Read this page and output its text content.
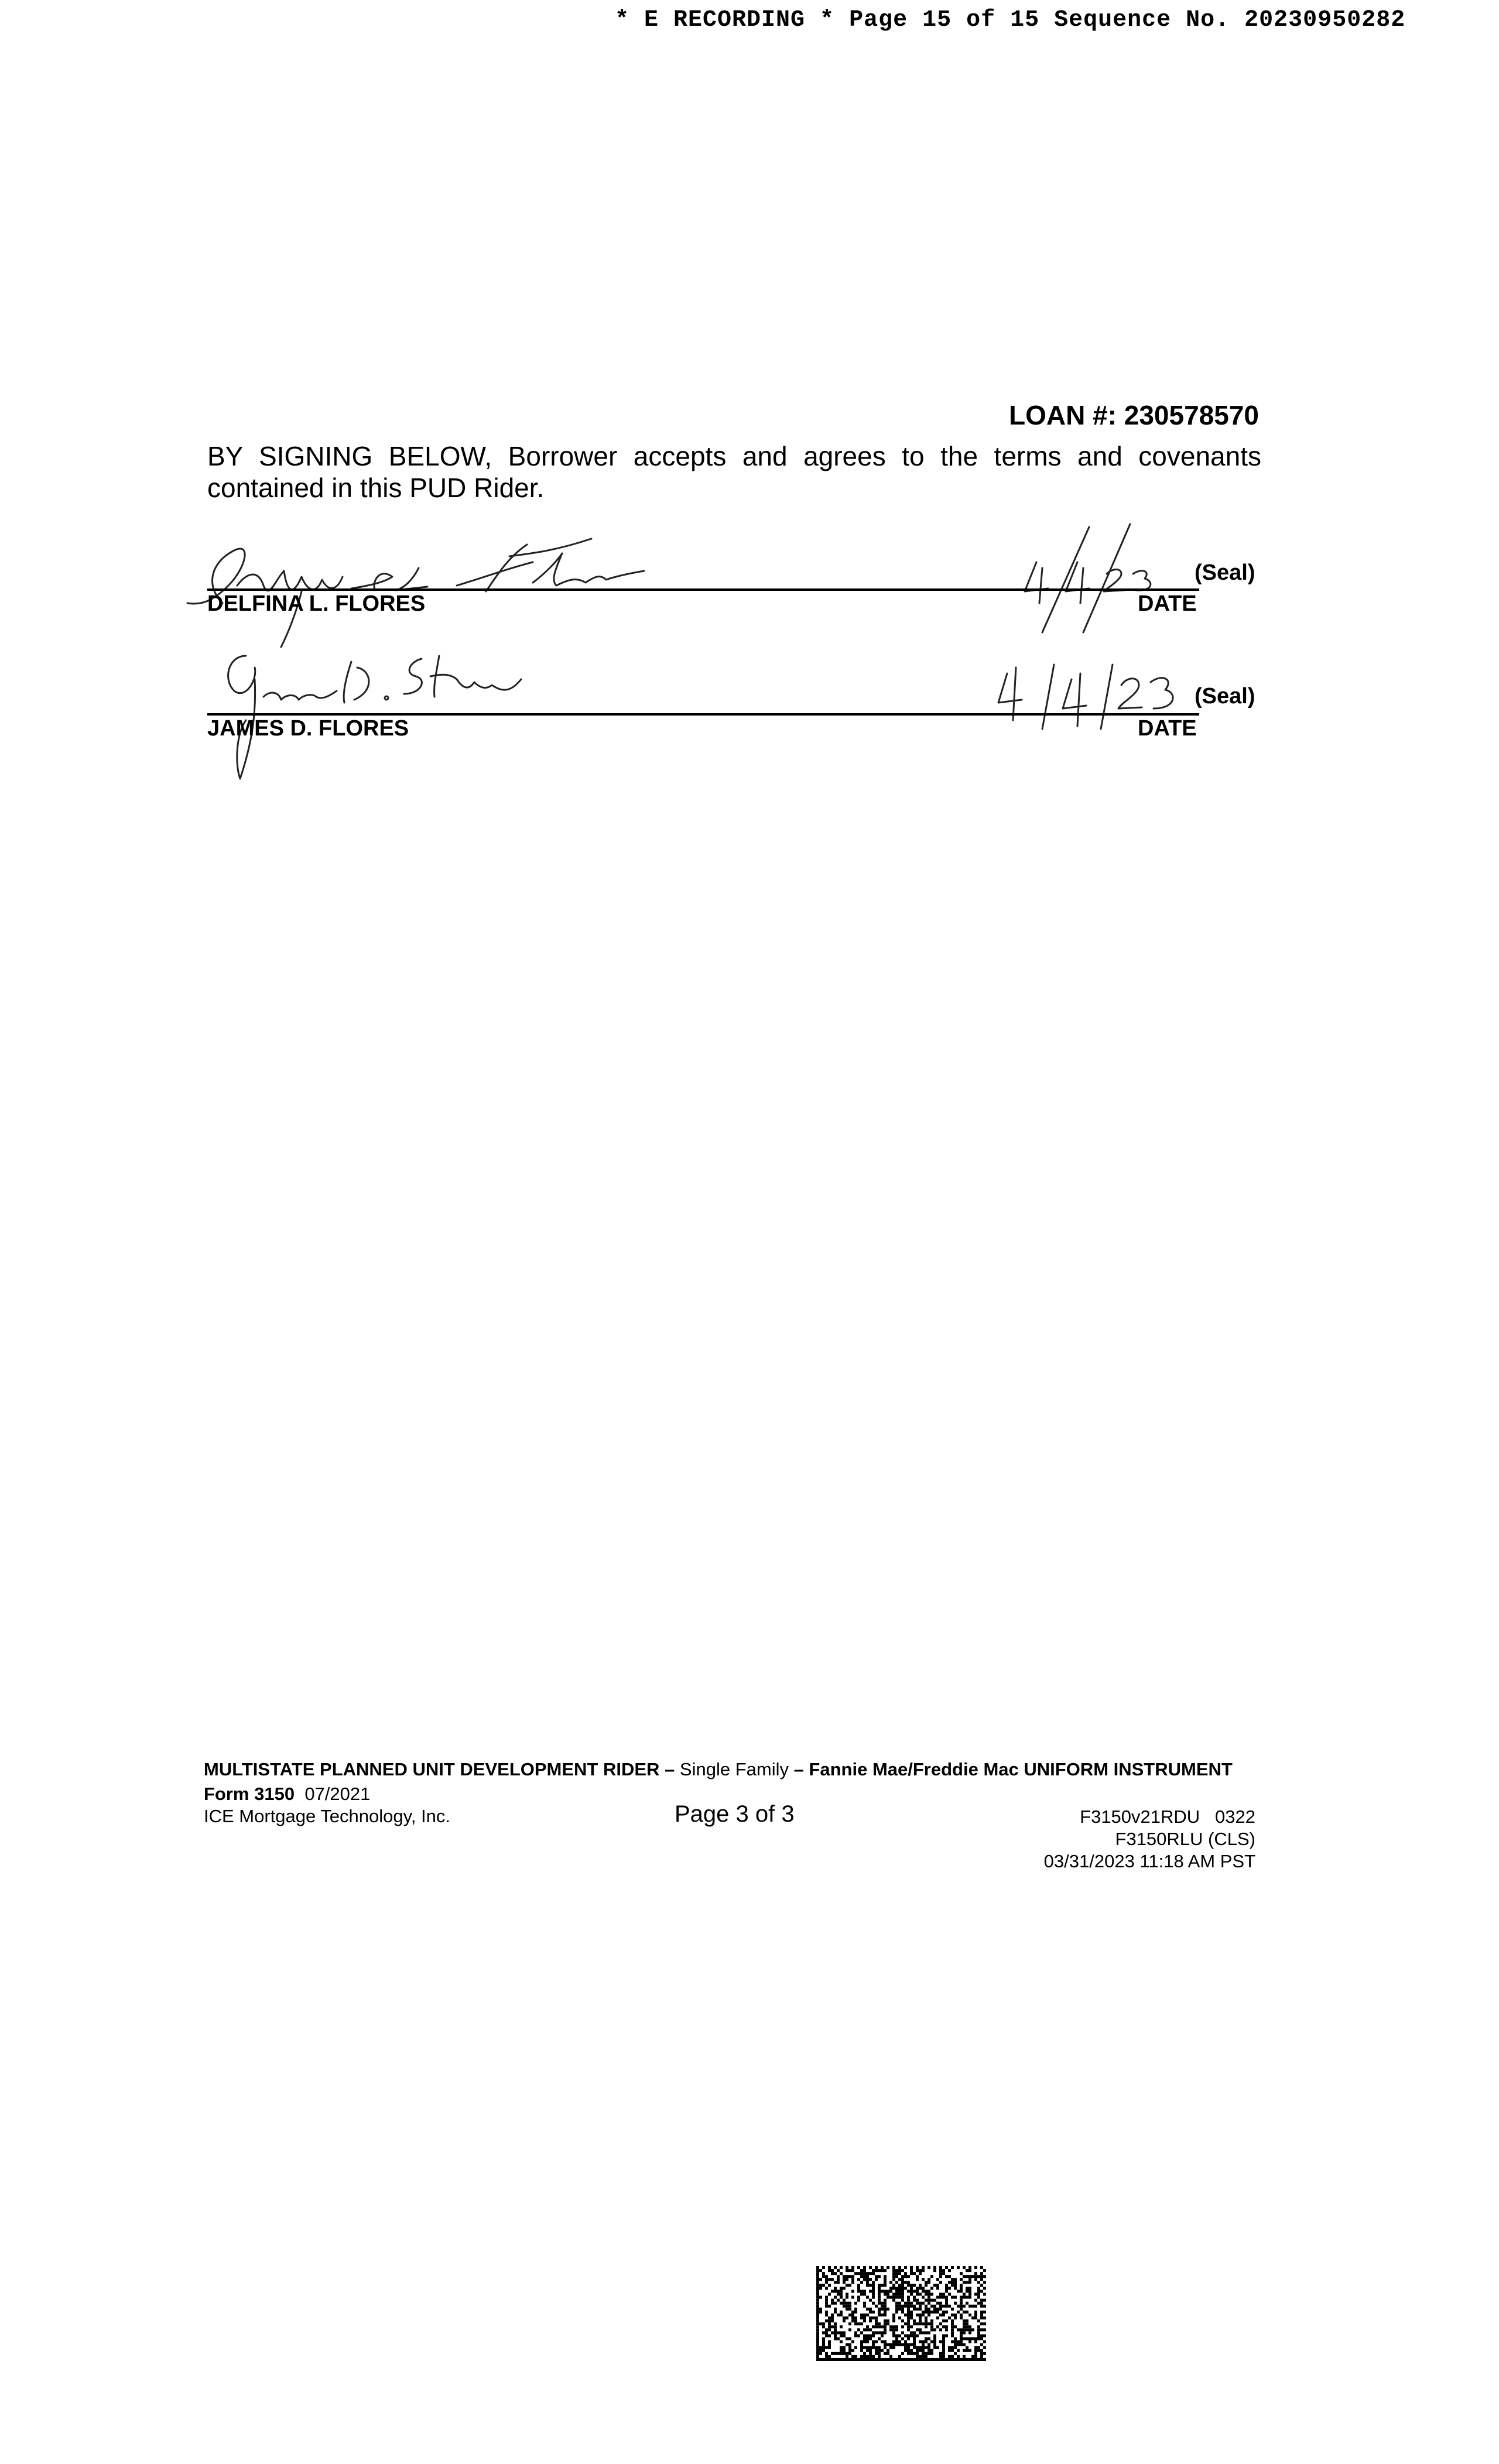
* E RECORDING * Page 15 of 15 Sequence No. 20230950282
LOAN #: 230578570
BY SIGNING BELOW, Borrower accepts and agrees to the terms and covenants contained in this PUD Rider.
(Seal)
DELFINA L. FLORES	DATE
(Seal)
JAMES D. FLORES	DATE
MULTISTATE PLANNED UNIT DEVELOPMENT RIDER – Single Family – Fannie Mae/Freddie Mac UNIFORM INSTRUMENT
Form 3150 07/2021
ICE Mortgage Technology, Inc.	Page 3 of 3	F3150v21RDU 0322
F3150RLU (CLS)
03/31/2023 11:18 AM PST
